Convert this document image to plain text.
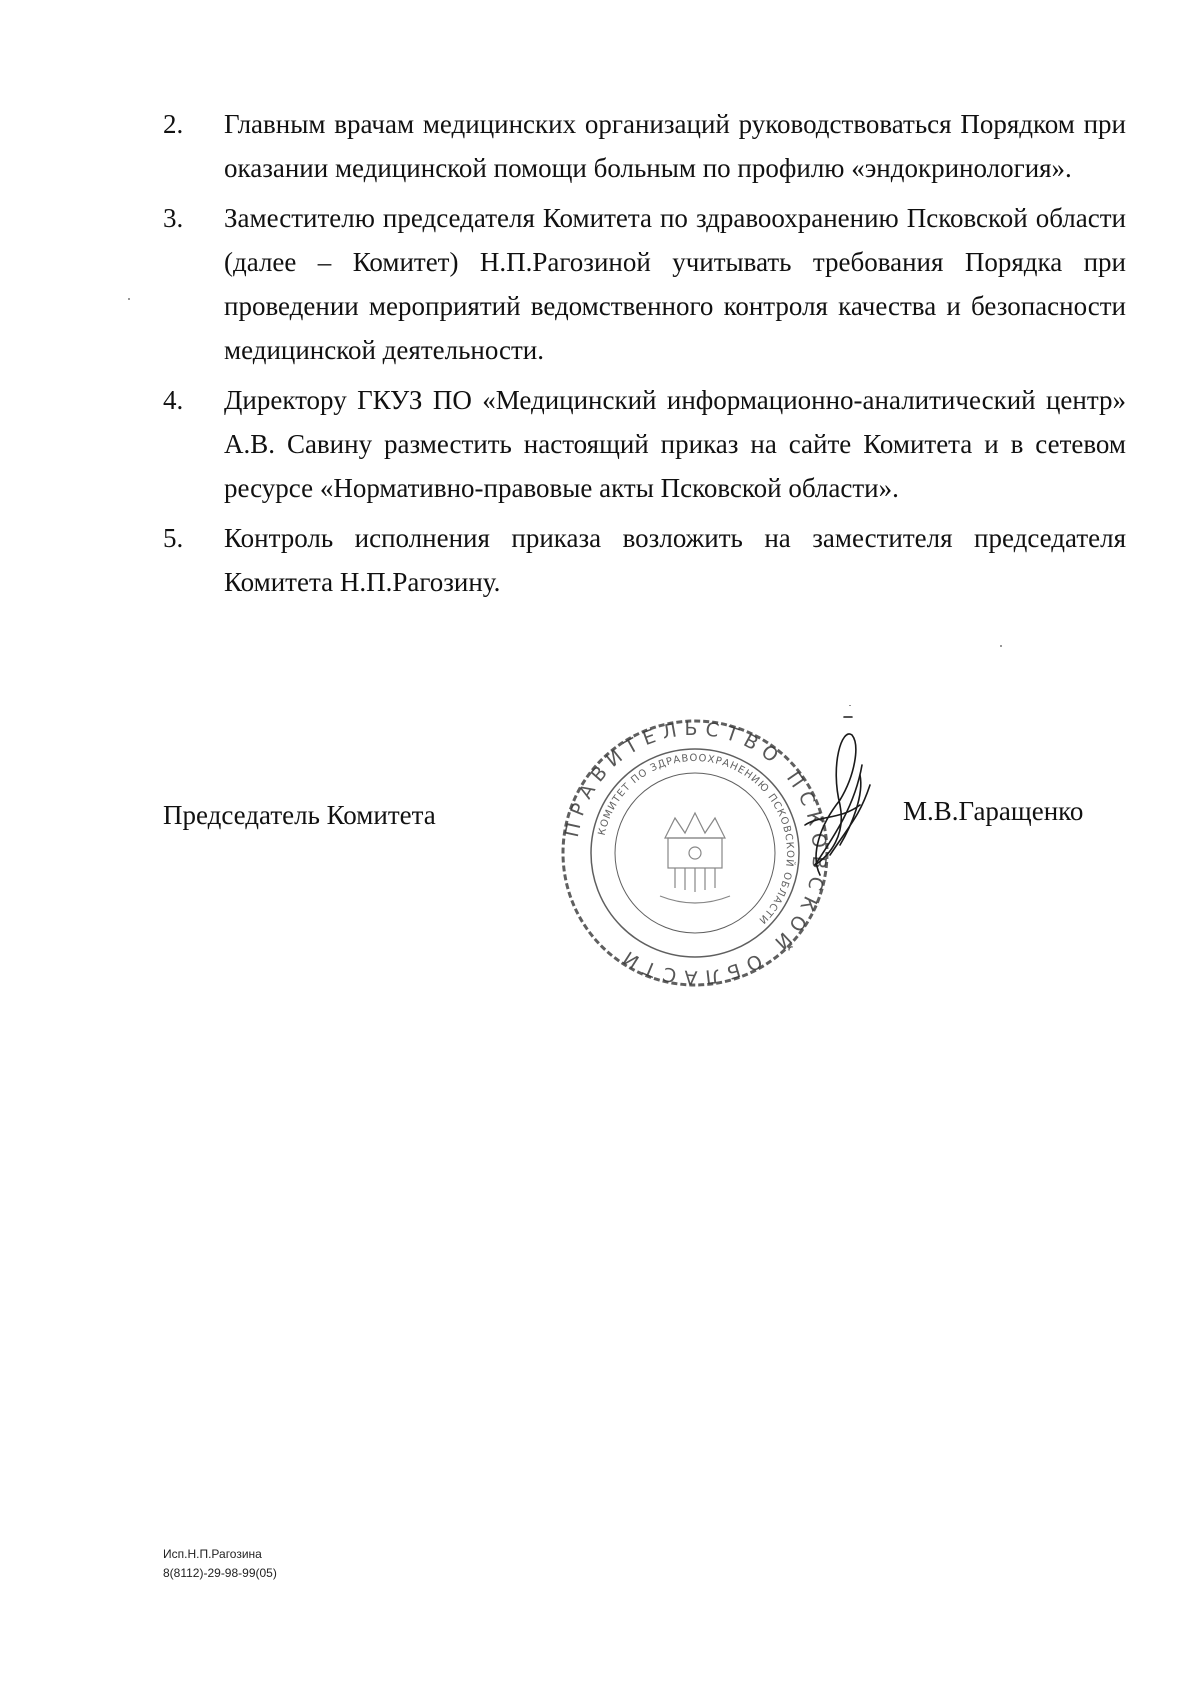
2.	Главным врачам медицинских организаций руководствоваться Порядком при оказании медицинской помощи больным по профилю «эндокринология».
3.	Заместителю председателя Комитета по здравоохранению Псковской области (далее – Комитет) Н.П.Рагозиной учитывать требования Порядка при проведении мероприятий ведомственного контроля качества и безопасности медицинской деятельности.
4.	Директору ГКУЗ ПО «Медицинский информационно-аналитический центр» А.В. Савину разместить настоящий приказ на сайте Комитета и в сетевом ресурсе «Нормативно-правовые акты Псковской области».
5.	Контроль исполнения приказа возложить на заместителя председателя Комитета Н.П.Рагозину.
ПРАВИТЕЛЬСТВО ПСКОВСКОЙ ОБЛАСТИ
КОМИТЕТ ПО ЗДРАВООХРАНЕНИЮ ПСКОВСКОЙ ОБЛАСТИ
Председатель Комитета	М.В.Гаращенко
Исп.Н.П.Рагозина
8(8112)-29-98-99(05)
